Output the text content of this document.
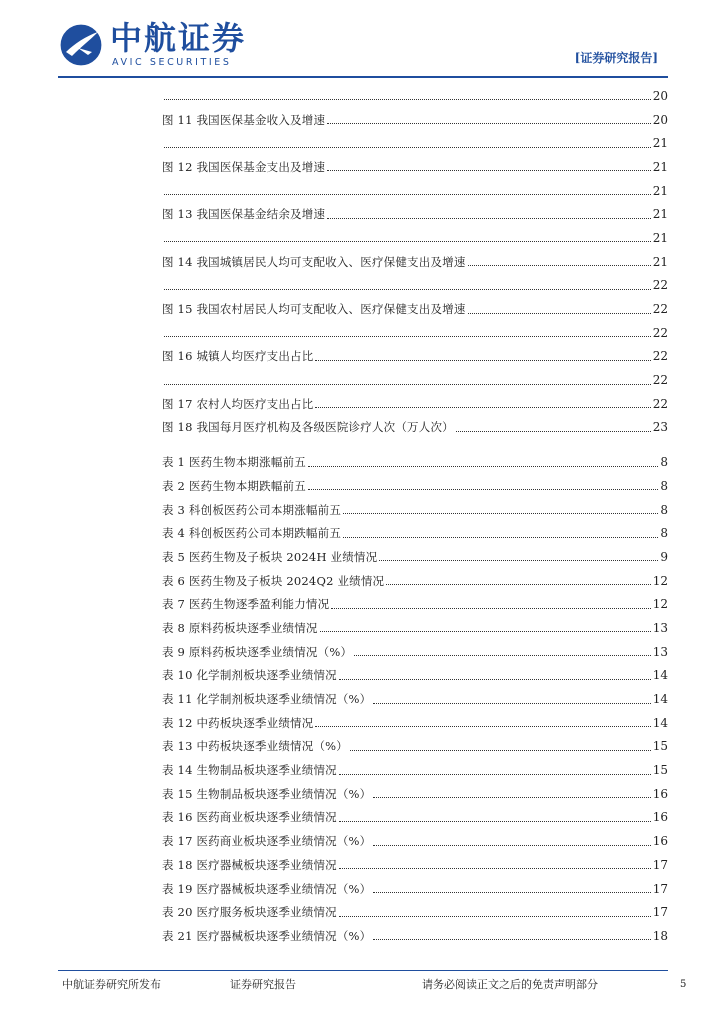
中航证券
AVIC SECURITIES	[证券研究报告]
20
图 11 我国医保基金收入及增速	20
21
图 12 我国医保基金支出及增速	21
21
图 13 我国医保基金结余及增速	21
21
图 14 我国城镇居民人均可支配收入、医疗保健支出及增速	21
22
图 15 我国农村居民人均可支配收入、医疗保健支出及增速	22
22
图 16 城镇人均医疗支出占比	22
22
图 17 农村人均医疗支出占比	22
图 18 我国每月医疗机构及各级医院诊疗人次（万人次）	23
表 1 医药生物本期涨幅前五	8
表 2 医药生物本期跌幅前五	8
表 3 科创板医药公司本期涨幅前五	8
表 4 科创板医药公司本期跌幅前五	8
表 5 医药生物及子板块 2024H 业绩情况	9
表 6 医药生物及子板块 2024Q2 业绩情况	12
表 7 医药生物逐季盈利能力情况	12
表 8 原料药板块逐季业绩情况	13
表 9 原料药板块逐季业绩情况（%）	13
表 10 化学制剂板块逐季业绩情况	14
表 11 化学制剂板块逐季业绩情况（%）	14
表 12 中药板块逐季业绩情况	14
表 13 中药板块逐季业绩情况（%）	15
表 14 生物制品板块逐季业绩情况	15
表 15 生物制品板块逐季业绩情况（%）	16
表 16 医药商业板块逐季业绩情况	16
表 17 医药商业板块逐季业绩情况（%）	16
表 18 医疗器械板块逐季业绩情况	17
表 19 医疗器械板块逐季业绩情况（%）	17
表 20 医疗服务板块逐季业绩情况	17
表 21 医疗器械板块逐季业绩情况（%）	18
中航证券研究所发布	证券研究报告	请务必阅读正文之后的免责声明部分	5
